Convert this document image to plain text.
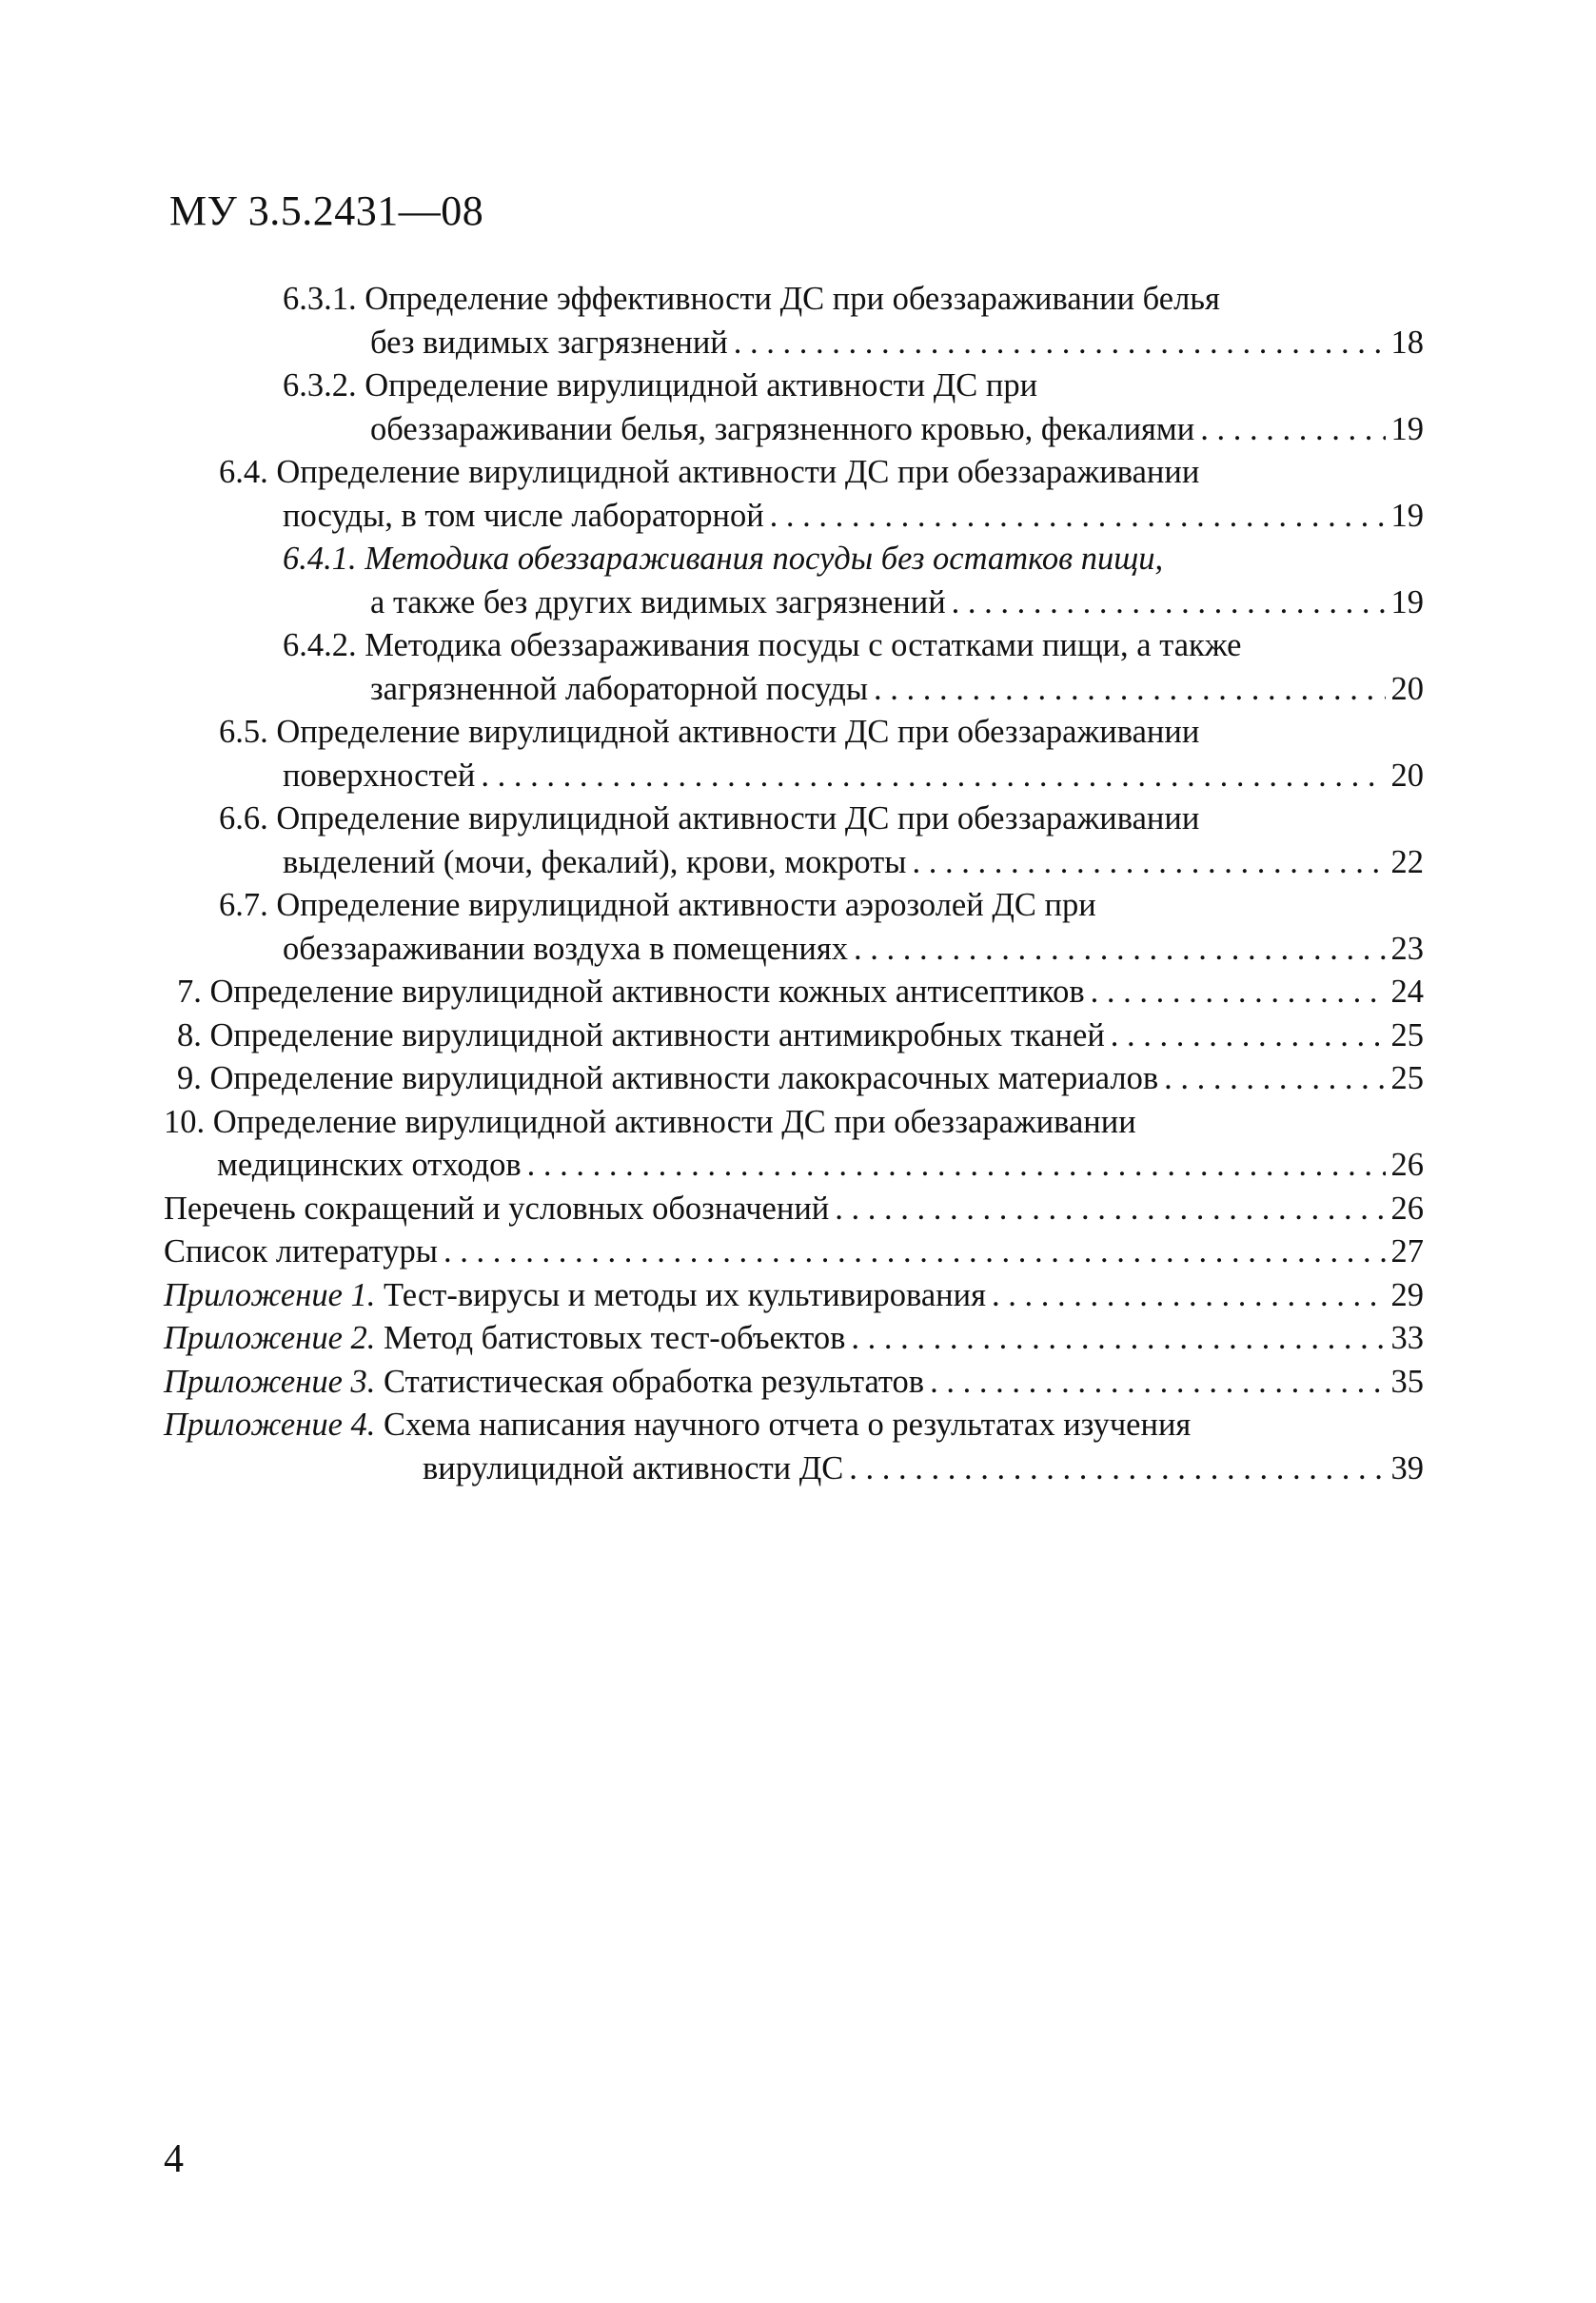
МУ 3.5.2431—08
6.3.1. Определение эффективности ДС при обеззараживании белья
без видимых загрязнений . . .	18
6.3.2. Определение вирулицидной активности ДС при
обеззараживании белья, загрязненного кровью, фекалиями . . .	19
6.4. Определение вирулицидной активности ДС при обеззараживании
посуды, в том числе лабораторной . . .	19
6.4.1. Методика обеззараживания посуды без остатков пищи,
а также без других видимых загрязнений . . .	19
6.4.2. Методика обеззараживания посуды с остатками пищи, а также
загрязненной лабораторной посуды . . .	20
6.5. Определение вирулицидной активности ДС при обеззараживании
поверхностей . . .	20
6.6. Определение вирулицидной активности ДС при обеззараживании
выделений (мочи, фекалий), крови, мокроты . . .	22
6.7. Определение вирулицидной активности аэрозолей ДС при
обеззараживании воздуха в помещениях . . .	23
7. Определение вирулицидной активности кожных антисептиков . . .	24
8. Определение вирулицидной активности антимикробных тканей . . .	25
9. Определение вирулицидной активности лакокрасочных материалов . . .	25
10. Определение вирулицидной активности ДС при обеззараживании
медицинских отходов . . .	26
Перечень сокращений и условных обозначений . . .	26
Список литературы . . .	27
Приложение 1. Тест-вирусы и методы их культивирования . . .	29
Приложение 2. Метод батистовых тест-объектов . . .	33
Приложение 3. Статистическая обработка результатов . . .	35
Приложение 4. Схема написания научного отчета о результатах изучения
вирулицидной активности ДС . . .	39
4
